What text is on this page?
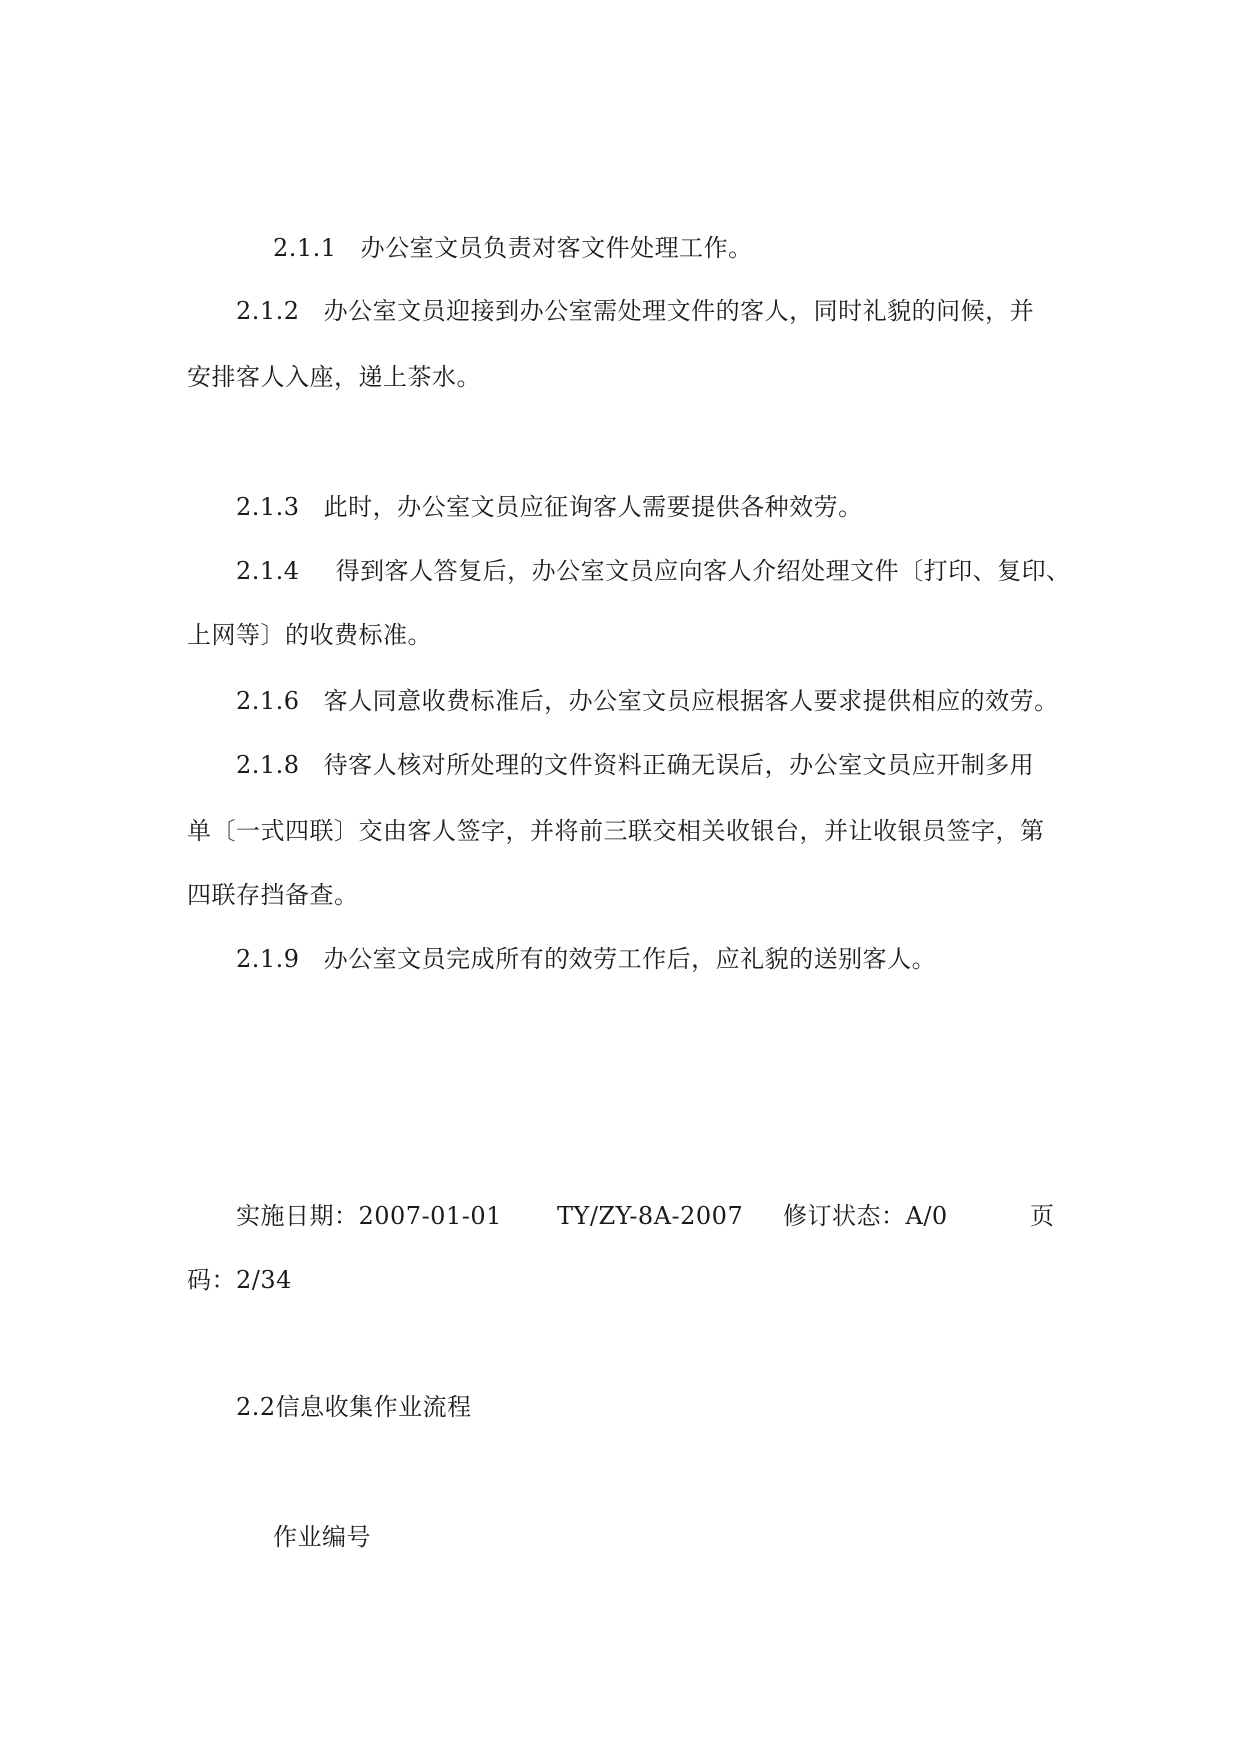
2.1.1 办公室文员负责对客文件处理工作。

2.1.2 办公室文员迎接到办公室需处理文件的客人，同时礼貌的问候，并

安排客人入座，递上茶水。

2.1.3 此时，办公室文员应征询客人需要提供各种效劳。

2.1.4 得到客人答复后，办公室文员应向客人介绍处理文件〔打印、复印、

上网等〕的收费标准。

2.1.6 客人同意收费标准后，办公室文员应根据客人要求提供相应的效劳。

2.1.8 待客人核对所处理的文件资料正确无误后，办公室文员应开制多用

单〔一式四联〕交由客人签字，并将前三联交相关收银台，并让收银员签字，第

四联存挡备查。

2.1.9 办公室文员完成所有的效劳工作后，应礼貌的送别客人。

实施日期：2007-01-01 TY/ZY-8A-2007 修订状态：A/0	页
码：2/34

2.2信息收集作业流程

作业编号
